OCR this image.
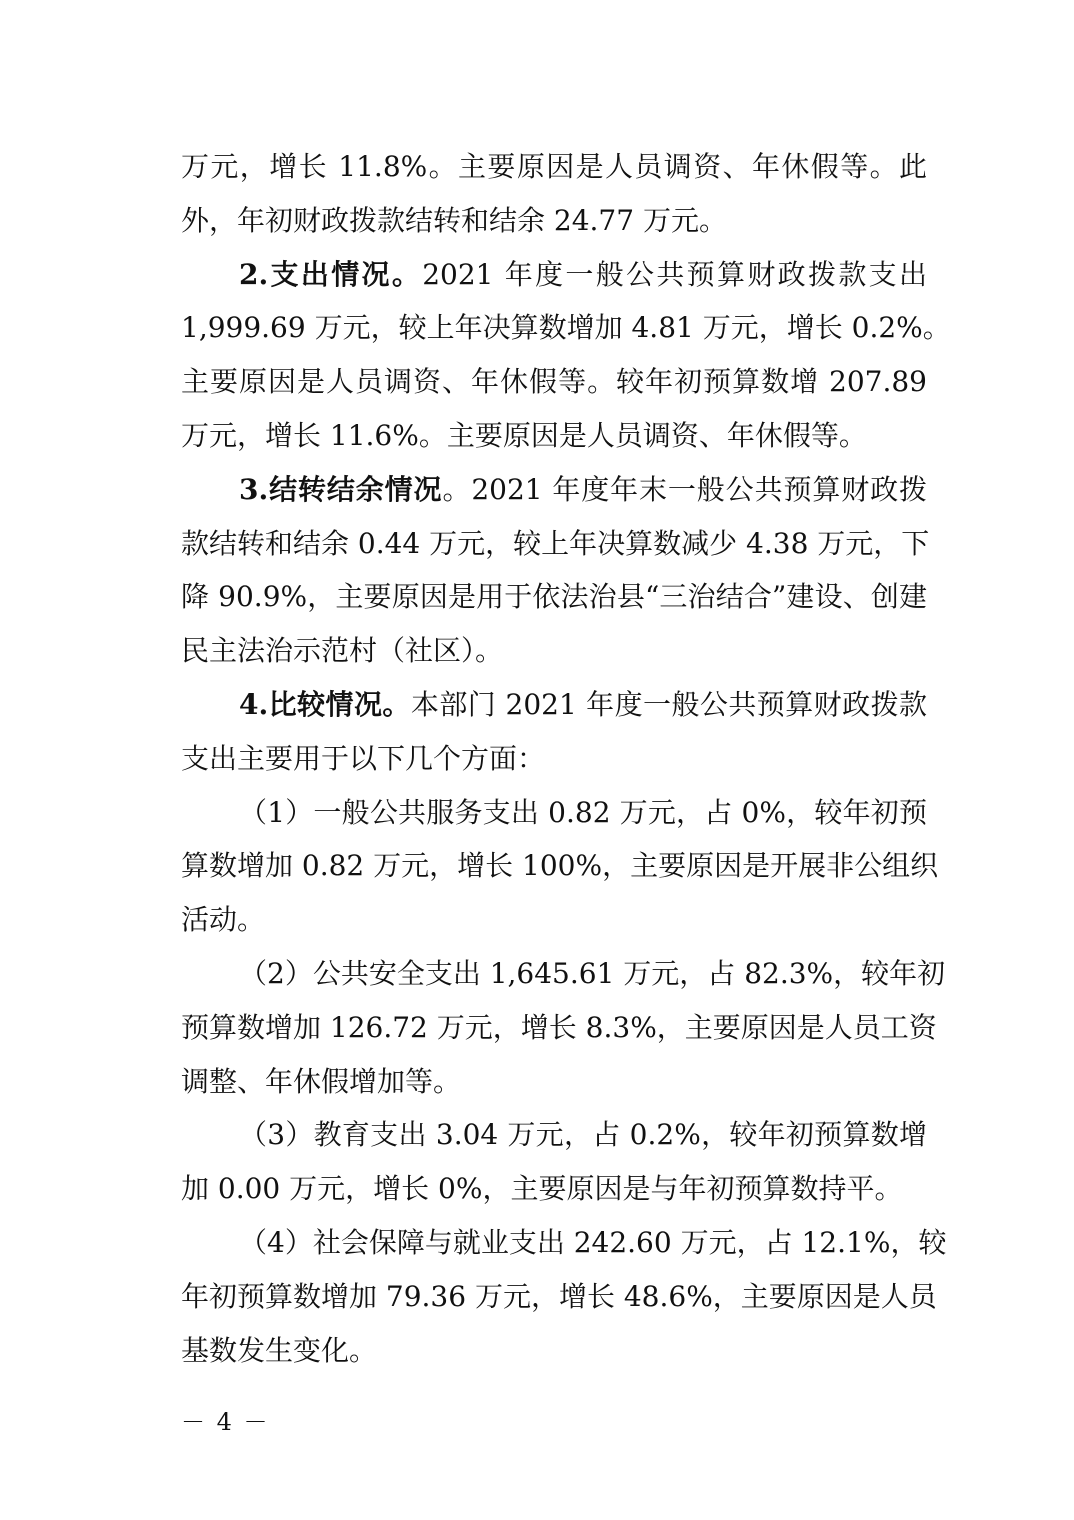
万元，增长 11.8%。主要原因是人员调资、年休假等。此
外，年初财政拨款结转和结余 24.77 万元。
2.支出情况。2021 年度一般公共预算财政拨款支出
1,999.69 万元，较上年决算数增加 4.81 万元，增长 0.2%。
主要原因是人员调资、年休假等。较年初预算数增 207.89
万元，增长 11.6%。主要原因是人员调资、年休假等。
3.结转结余情况。2021 年度年末一般公共预算财政拨
款结转和结余 0.44 万元，较上年决算数减少 4.38 万元，下
降 90.9%，主要原因是用于依法治县“三治结合”建设、创建
民主法治示范村（社区）。
4.比较情况。本部门 2021 年度一般公共预算财政拨款
支出主要用于以下几个方面：
（1）一般公共服务支出 0.82 万元，占 0%，较年初预
算数增加 0.82 万元，增长 100%，主要原因是开展非公组织
活动。
（2）公共安全支出 1,645.61 万元，占 82.3%，较年初
预算数增加 126.72 万元，增长 8.3%，主要原因是人员工资
调整、年休假增加等。
（3）教育支出 3.04 万元，占 0.2%，较年初预算数增
加 0.00 万元，增长 0%，主要原因是与年初预算数持平。
（4）社会保障与就业支出 242.60 万元，占 12.1%，较
年初预算数增加 79.36 万元，增长 48.6%，主要原因是人员
基数发生变化。
－ 4 －
